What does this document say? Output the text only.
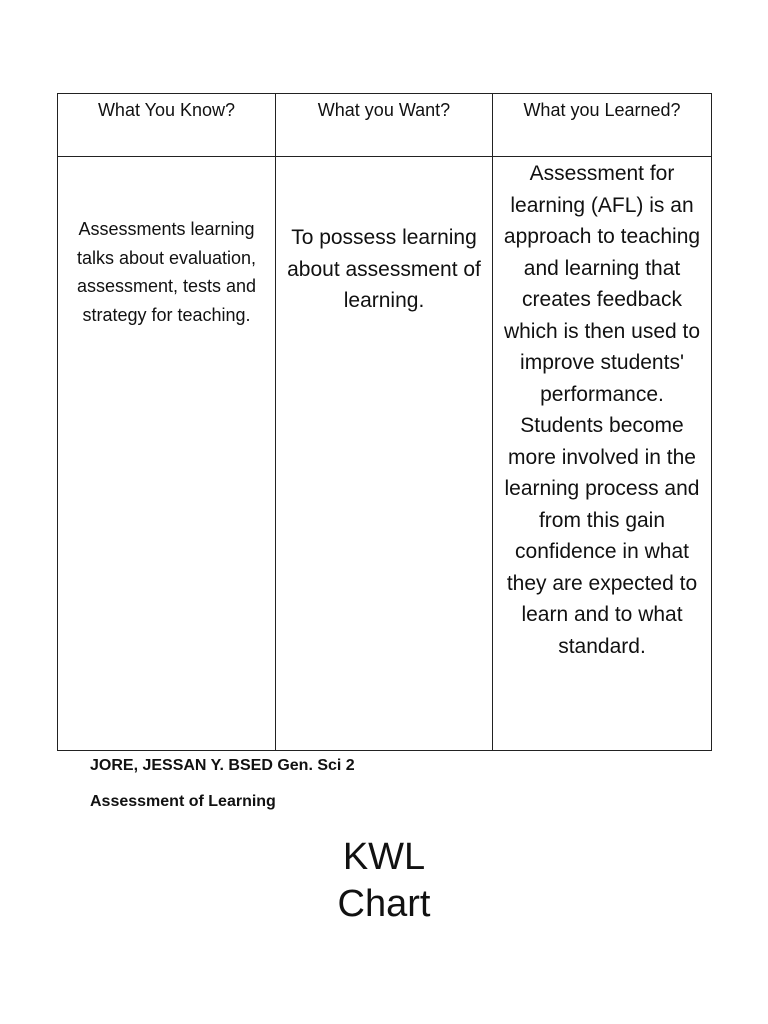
What You Know?	What you Want?	What you Learned?
Assessments learning talks about evaluation, assessment, tests and strategy for teaching.	To possess learning about assessment of learning.	Assessment for learning (AFL) is an approach to teaching and learning that creates feedback which is then used to improve students' performance. Students become more involved in the learning process and from this gain confidence in what they are expected to learn and to what standard.
JORE, JESSAN Y. BSED Gen. Sci 2
Assessment of Learning
KWL
Chart
